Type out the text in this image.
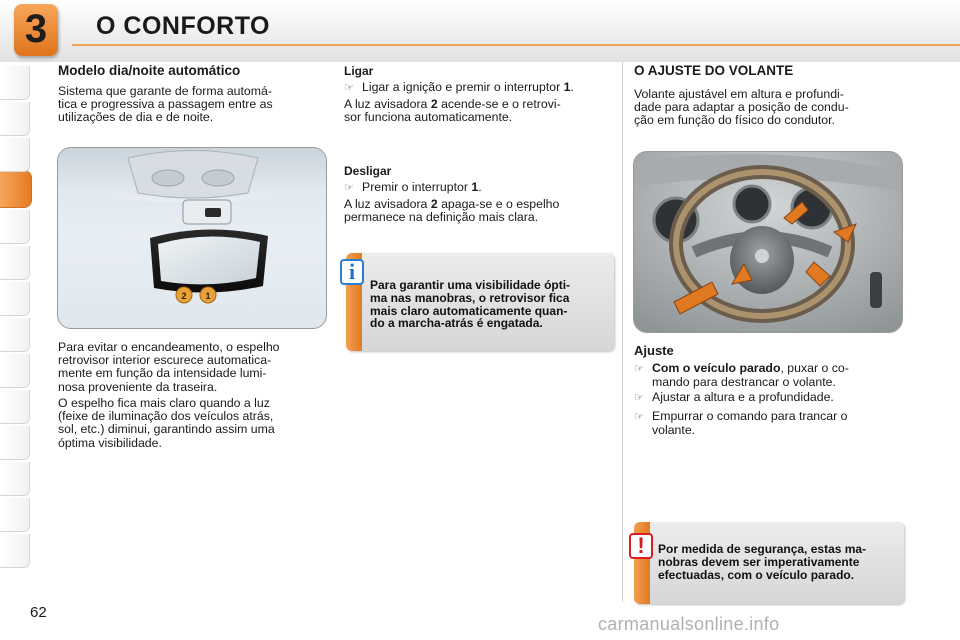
3	O CONFORTO
Modelo dia/noite automático
Sistema que garante de forma automá-
tica e progressiva a passagem entre as
utilizações de dia e de noite.
2 1
Para evitar o encandeamento, o espelho
retrovisor interior escurece automatica-
mente em função da intensidade lumi-
nosa proveniente da traseira.
O espelho fica mais claro quando a luz
(feixe de iluminação dos veículos atrás,
sol, etc.) diminui, garantindo assim uma
óptima visibilidade.
Ligar
☞ Ligar a ignição e premir o interruptor 1.
A luz avisadora 2 acende-se e o retrovi-
sor funciona automaticamente.
Desligar
☞ Premir o interruptor 1.
A luz avisadora 2 apaga-se e o espelho
permanece na definição mais clara.
Para garantir uma visibilidade ópti-
ma nas manobras, o retrovisor fica
mais claro automaticamente quan-
do a marcha-atrás é engatada.
i
O AJUSTE DO VOLANTE
Volante ajustável em altura e profundi-
dade para adaptar a posição de condu-
ção em função do físico do condutor.
Ajuste
☞ Com o veículo parado, puxar o co-
mando para destrancar o volante.
☞ Ajustar a altura e a profundidade.
☞ Empurrar o comando para trancar o
volante.
Por medida de segurança, estas ma-
nobras devem ser imperativamente
efectuadas, com o veículo parado.
!
62
carmanualsonline.info
